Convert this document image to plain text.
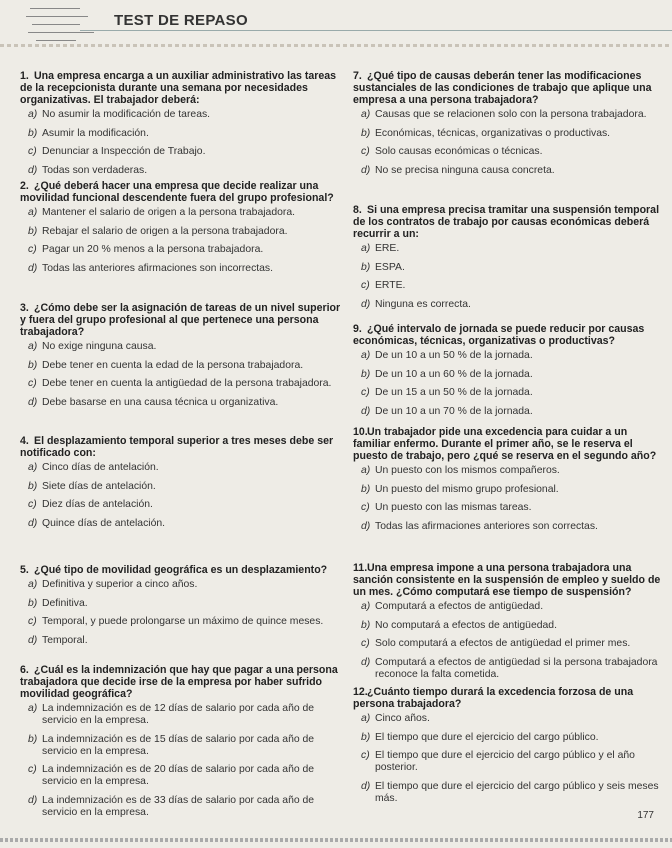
TEST DE REPASO
1. Una empresa encarga a un auxiliar administrativo las tareas de la recepcionista durante una semana por necesidades organizativas. El trabajador deberá:
a) No asumir la modificación de tareas.
b) Asumir la modificación.
c) Denunciar a Inspección de Trabajo.
d) Todas son verdaderas.
2. ¿Qué deberá hacer una empresa que decide realizar una movilidad funcional descendente fuera del grupo profesional?
a) Mantener el salario de origen a la persona trabajadora.
b) Rebajar el salario de origen a la persona trabajadora.
c) Pagar un 20 % menos a la persona trabajadora.
d) Todas las anteriores afirmaciones son incorrectas.
3. ¿Cómo debe ser la asignación de tareas de un nivel superior y fuera del grupo profesional al que pertenece una persona trabajadora?
a) No exige ninguna causa.
b) Debe tener en cuenta la edad de la persona trabajadora.
c) Debe tener en cuenta la antigüedad de la persona trabajadora.
d) Debe basarse en una causa técnica u organizativa.
4. El desplazamiento temporal superior a tres meses debe ser notificado con:
a) Cinco días de antelación.
b) Siete días de antelación.
c) Diez días de antelación.
d) Quince días de antelación.
5. ¿Qué tipo de movilidad geográfica es un desplazamiento?
a) Definitiva y superior a cinco años.
b) Definitiva.
c) Temporal, y puede prolongarse un máximo de quince meses.
d) Temporal.
6. ¿Cuál es la indemnización que hay que pagar a una persona trabajadora que decide irse de la empresa por haber sufrido movilidad geográfica?
a) La indemnización es de 12 días de salario por cada año de servicio en la empresa.
b) La indemnización es de 15 días de salario por cada año de servicio en la empresa.
c) La indemnización es de 20 días de salario por cada año de servicio en la empresa.
d) La indemnización es de 33 días de salario por cada año de servicio en la empresa.
7. ¿Qué tipo de causas deberán tener las modificaciones sustanciales de las condiciones de trabajo que aplique una empresa a una persona trabajadora?
a) Causas que se relacionen solo con la persona trabajadora.
b) Económicas, técnicas, organizativas o productivas.
c) Solo causas económicas o técnicas.
d) No se precisa ninguna causa concreta.
8. Si una empresa precisa tramitar una suspensión temporal de los contratos de trabajo por causas económicas deberá recurrir a un:
a) ERE.
b) ESPA.
c) ERTE.
d) Ninguna es correcta.
9. ¿Qué intervalo de jornada se puede reducir por causas económicas, técnicas, organizativas o productivas?
a) De un 10 a un 50 % de la jornada.
b) De un 10 a un 60 % de la jornada.
c) De un 15 a un 50 % de la jornada.
d) De un 10 a un 70 % de la jornada.
10.Un trabajador pide una excedencia para cuidar a un familiar enfermo. Durante el primer año, se le reserva el puesto de trabajo, pero ¿qué se reserva en el segundo año?
a) Un puesto con los mismos compañeros.
b) Un puesto del mismo grupo profesional.
c) Un puesto con las mismas tareas.
d) Todas las afirmaciones anteriores son correctas.
11.Una empresa impone a una persona trabajadora una sanción consistente en la suspensión de empleo y sueldo de un mes. ¿Cómo computará ese tiempo de suspensión?
a) Computará a efectos de antigüedad.
b) No computará a efectos de antigüedad.
c) Solo computará a efectos de antigüedad el primer mes.
d) Computará a efectos de antigüedad si la persona trabajadora reconoce la falta cometida.
12.¿Cuánto tiempo durará la excedencia forzosa de una persona trabajadora?
a) Cinco años.
b) El tiempo que dure el ejercicio del cargo público.
c) El tiempo que dure el ejercicio del cargo público y el año posterior.
d) El tiempo que dure el ejercicio del cargo público y seis meses más.
177
